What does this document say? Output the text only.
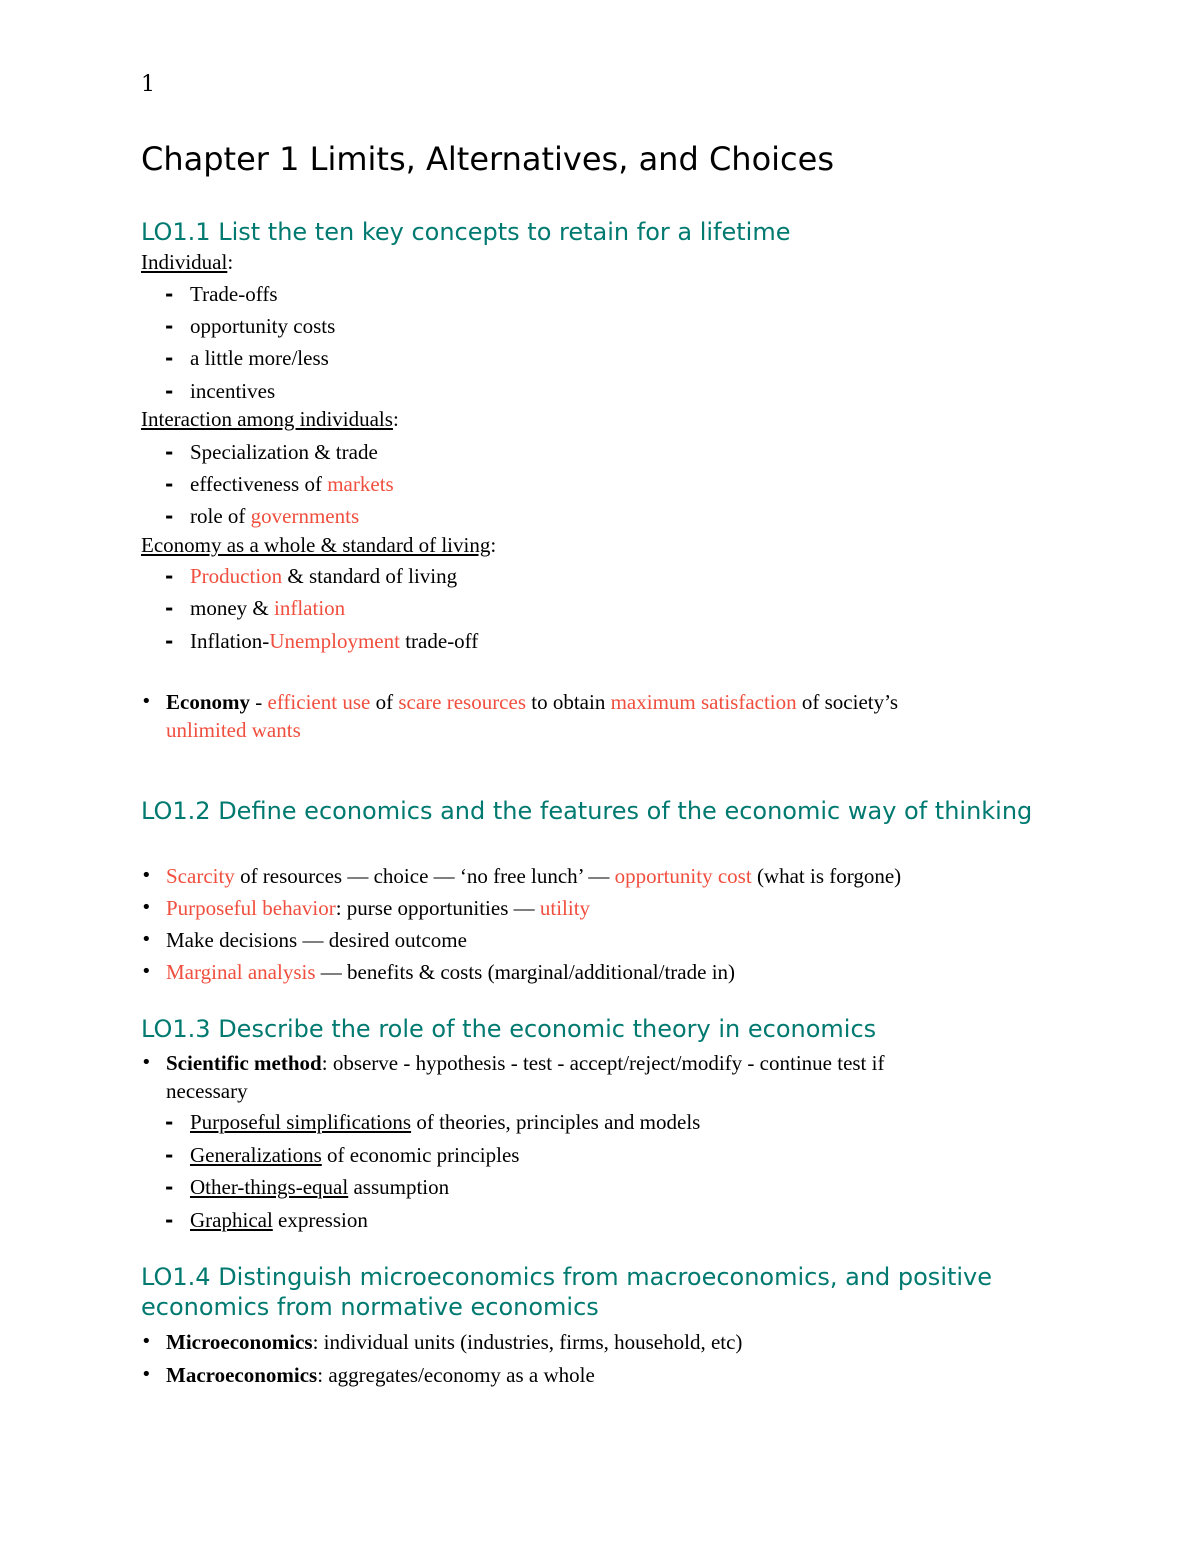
1
Chapter 1 Limits, Alternatives, and Choices
LO1.1 List the ten key concepts to retain for a lifetime
Individual:
- Trade-offs
- opportunity costs
- a little more/less
- incentives
Interaction among individuals:
- Specialization & trade
- effectiveness of markets
- role of governments
Economy as a whole & standard of living:
- Production & standard of living
- money & inflation
- Inflation-Unemployment trade-off
• Economy - efficient use of scare resources to obtain maximum satisfaction of society’s
unlimited wants
LO1.2 Define economics and the features of the economic way of thinking
• Scarcity of resources — choice — ‘no free lunch’ — opportunity cost (what is forgone)
• Purposeful behavior: purse opportunities — utility
• Make decisions — desired outcome
• Marginal analysis — benefits & costs (marginal/additional/trade in)
LO1.3 Describe the role of the economic theory in economics
• Scientific method: observe - hypothesis - test - accept/reject/modify - continue test if
necessary
- Purposeful simplifications of theories, principles and models
- Generalizations of economic principles
- Other-things-equal assumption
- Graphical expression
LO1.4 Distinguish microeconomics from macroeconomics, and positive economics from normative economics
• Microeconomics: individual units (industries, firms, household, etc)
• Macroeconomics: aggregates/economy as a whole
